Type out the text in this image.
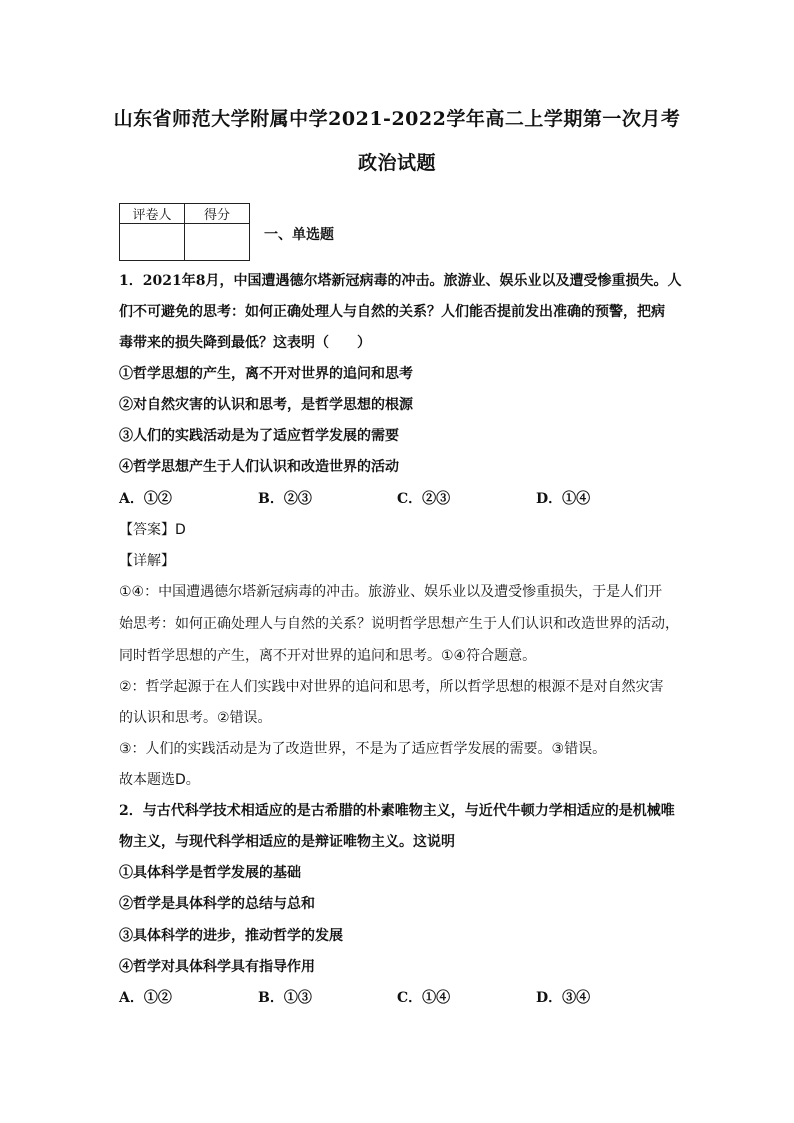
山东省师范大学附属中学2021-2022学年高二上学期第一次月考
政治试题
评卷人	得分

一、单选题
1．2021年8月，中国遭遇德尔塔新冠病毒的冲击。旅游业、娱乐业以及遭受惨重损失。人
们不可避免的思考：如何正确处理人与自然的关系？人们能否提前发出准确的预警，把病
毒带来的损失降到最低？这表明（　　）
①哲学思想的产生，离不开对世界的追问和思考
②对自然灾害的认识和思考，是哲学思想的根源
③人们的实践活动是为了适应哲学发展的需要
④哲学思想产生于人们认识和改造世界的活动
A．①②	B．②③	C．②③	D．①④
【答案】D
【详解】
①④：中国遭遇德尔塔新冠病毒的冲击。旅游业、娱乐业以及遭受惨重损失，于是人们开
始思考：如何正确处理人与自然的关系？说明哲学思想产生于人们认识和改造世界的活动，
同时哲学思想的产生，离不开对世界的追问和思考。①④符合题意。
②：哲学起源于在人们实践中对世界的追问和思考，所以哲学思想的根源不是对自然灾害
的认识和思考。②错误。
③：人们的实践活动是为了改造世界，不是为了适应哲学发展的需要。③错误。
故本题选D。
2．与古代科学技术相适应的是古希腊的朴素唯物主义，与近代牛顿力学相适应的是机械唯
物主义，与现代科学相适应的是辩证唯物主义。这说明
①具体科学是哲学发展的基础
②哲学是具体科学的总结与总和
③具体科学的进步，推动哲学的发展
④哲学对具体科学具有指导作用
A．①②	B．①③	C．①④	D．③④
